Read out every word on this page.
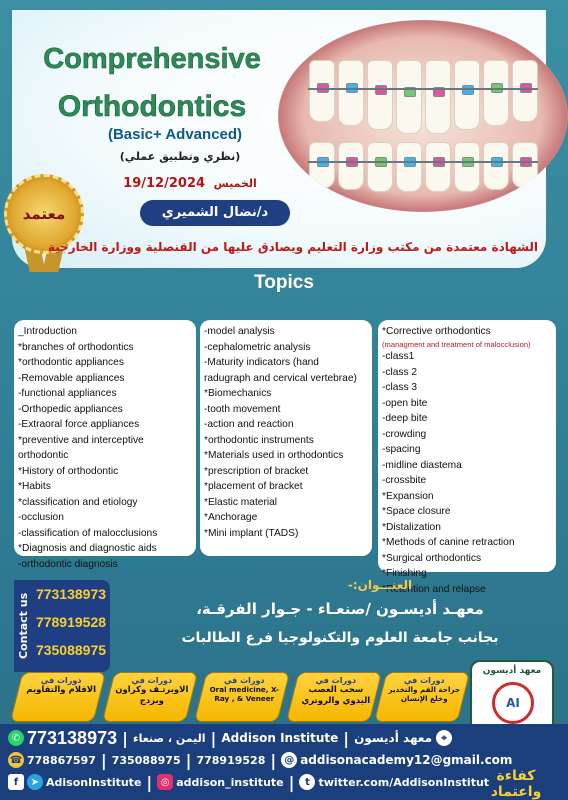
Comprehensive
Orthodontics
(Basic+ Advanced)
(نظري وتطبيق عملي)
19/12/2024 الخميس
د/نضال الشميري
معتمد
الشهادة معتمدة من مكتب وزارة التعليم ويصادق عليها من القنصلية ووزارة الخارجية
Topics
_Introduction
*branches of orthodontics
*orthodontic appliances
-Removable appliances
-functional appliances
-Orthopedic appliances
-Extraoral force appliances
*preventive and interceptive
orthodontic
*History of orthodontic
*Habits
*classification and etiology
-occlusion
-classification of malocclusions
*Diagnosis and diagnostic aids
-orthodontic diagnosis
-model analysis
-cephalometric analysis
-Maturity indicators (hand radugraph and cervical vertebrae)
*Biomechanics
-tooth movement
-action and reaction
*orthodontic instruments
*Materials used in orthodontics
*prescription of bracket
*placement of bracket
*Elastic material
*Anchorage
*Mini implant (TADS)
*Corrective orthodontics
(managment and treatment of malocclusion)
-class1
-class 2
-class 3
-open bite
-deep bite
-crowding
-spacing
-midline diastema
-crossbite
*Expansion
*Space closure
*Distalization
*Methods of canine retraction
*Surgical orthodontics
*Finishing
*Retention and relapse
Contact us 773138973
778919528
735088975
العنـــوان:-
معهـد أديسـون /صنعـاء - جـوار الفرقـة،
بجانب جامعة العلوم والتكنولوجيا فرع الطالبات
معهد أديسون
AI
دورات في
الاقلام والتقاويم
دورات في
الاوبرتـف وكراون وبردج
دورات في
Oral medicine, X-Ray , & Veneer
دورات في
سحب العصب اليدوي والروتري
دورات في
جراحة الفم والتخدير وخلع الإنسان
✆ 773138973 | اليمن ، صنعاء | Addison Institute | معهد أديسون ⌖
☎ 778867597 | 735088975 | 778919528 | @ addisonacademy12@gmail.com
f	➤ AdisonInstitute | ◎ addison_institute |	t twitter.com/AddisonInstitut كفاءة واعتماد
